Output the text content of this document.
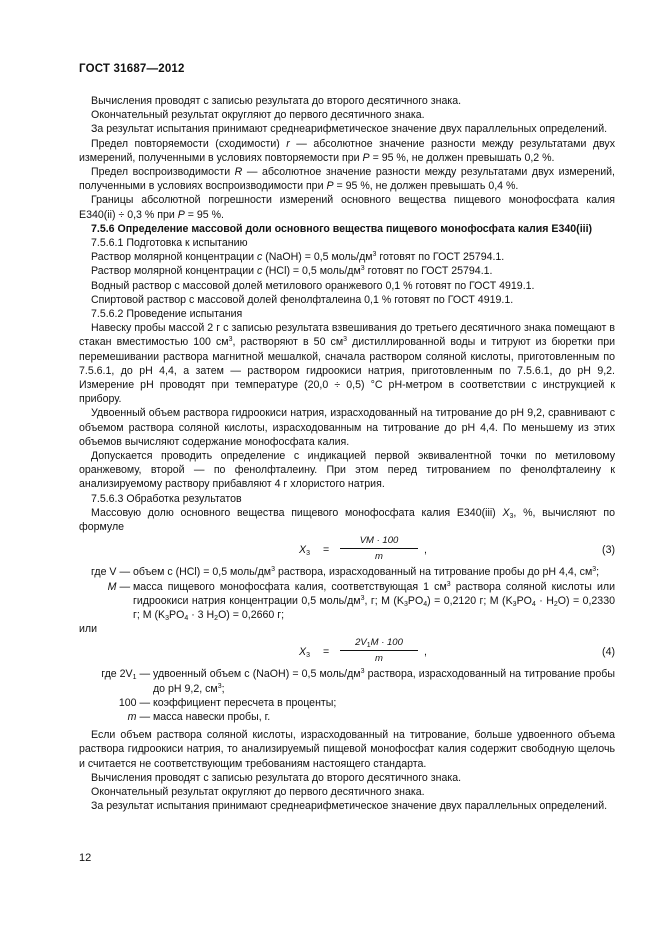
ГОСТ 31687—2012

Вычисления проводят с записью результата до второго десятичного знака.

Окончательный результат округляют до первого десятичного знака.

За результат испытания принимают среднеарифметическое значение двух параллельных определений.

Предел повторяемости (сходимости) r — абсолютное значение разности между результатами двух измерений, полученными в условиях повторяемости при P = 95 %, не должен превышать 0,2 %.

Предел воспроизводимости R — абсолютное значение разности между результатами двух измерений, полученными в условиях воспроизводимости при P = 95 %, не должен превышать 0,4 %.

Границы абсолютной погрешности измерений основного вещества пищевого монофосфата калия Е340(ii) ÷ 0,3 % при P = 95 %.

7.5.6 Определение массовой доли основного вещества пищевого монофосфата калия Е340(iii)

7.5.6.1 Подготовка к испытанию

Раствор молярной концентрации c (NaOH) = 0,5 моль/$дм^3$ готовят по ГОСТ 25794.1.

Раствор молярной концентрации c (HCl) = 0,5 моль/$дм^3$ готовят по ГОСТ 25794.1.

Водный раствор с массовой долей метилового оранжевого 0,1 % готовят по ГОСТ 4919.1.

Спиртовой раствор с массовой долей фенолфталеина 0,1 % готовят по ГОСТ 4919.1.

7.5.6.2 Проведение испытания

Навеску пробы массой 2 г с записью результата взвешивания до третьего десятичного знака помещают в стакан вместимостью 100 $см^3$, растворяют в 50 $см^3$ дистиллированной воды и титруют из бюретки при перемешивании раствора магнитной мешалкой, сначала раствором соляной кислоты, приготовленным по 7.5.6.1, до pH 4,4, а затем — раствором гидроокиси натрия, приготовленным по 7.5.6.1, до pH 9,2. Измерение pH проводят при температуре (20,0 ÷ 0,5) °С pH-метром в соответствии с инструкцией к прибору.

Удвоенный объем раствора гидроокиси натрия, израсходованный на титрование до pH 9,2, сравнивают с объемом раствора соляной кислоты, израсходованным на титрование до pH 4,4. По меньшему из этих объемов вычисляют содержание монофосфата калия.

Допускается проводить определение с индикацией первой эквивалентной точки по метиловому оранжевому, второй — по фенолфталеину. При этом перед титрованием по фенолфталеину к анализируемому раствору прибавляют 4 г хлористого натрия.

7.5.6.3 Обработка результатов

Массовую долю основного вещества пищевого монофосфата калия Е340(iii) $X_3$, %, вычисляют по формуле

$X_3$ =
VM · 100
m
,	(3)
где V — объем c (HCl) = 0,5 моль/$дм^3$ раствора, израсходованный на титрование пробы до pH 4,4, $см^3$;
M — масса пищевого монофосфата калия, соответствующая 1 $см^3$ раствора соляной кислоты или гидроокиси натрия концентрации 0,5 моль/$дм^3$, г; M $(K_3PO_4) = 0,2120$ г; M $(K_3PO_4 \cdot H_2O) = 0,2330$ г; M ($K_3PO_4 \cdot 3$ $H_2O) = 0,2660$ г;

или

$X_3$ =
$2V_1M \cdot 100$
m
,	(4)
где $2V_1$ — удвоенный объем c (NaOH) = 0,5 моль/$дм^3$ раствора, израсходованный на титрование пробы до pH 9,2, $см^3$;
100 — коэффициент пересчета в проценты;
m — масса навески пробы, г.

Если объем раствора соляной кислоты, израсходованный на титрование, больше удвоенного объема раствора гидроокиси натрия, то анализируемый пищевой монофосфат калия содержит свободную щелочь и считается не соответствующим требованиям настоящего стандарта.

Вычисления проводят с записью результата до второго десятичного знака.

Окончательный результат округляют до первого десятичного знака.

За результат испытания принимают среднеарифметическое значение двух параллельных определений.

12
